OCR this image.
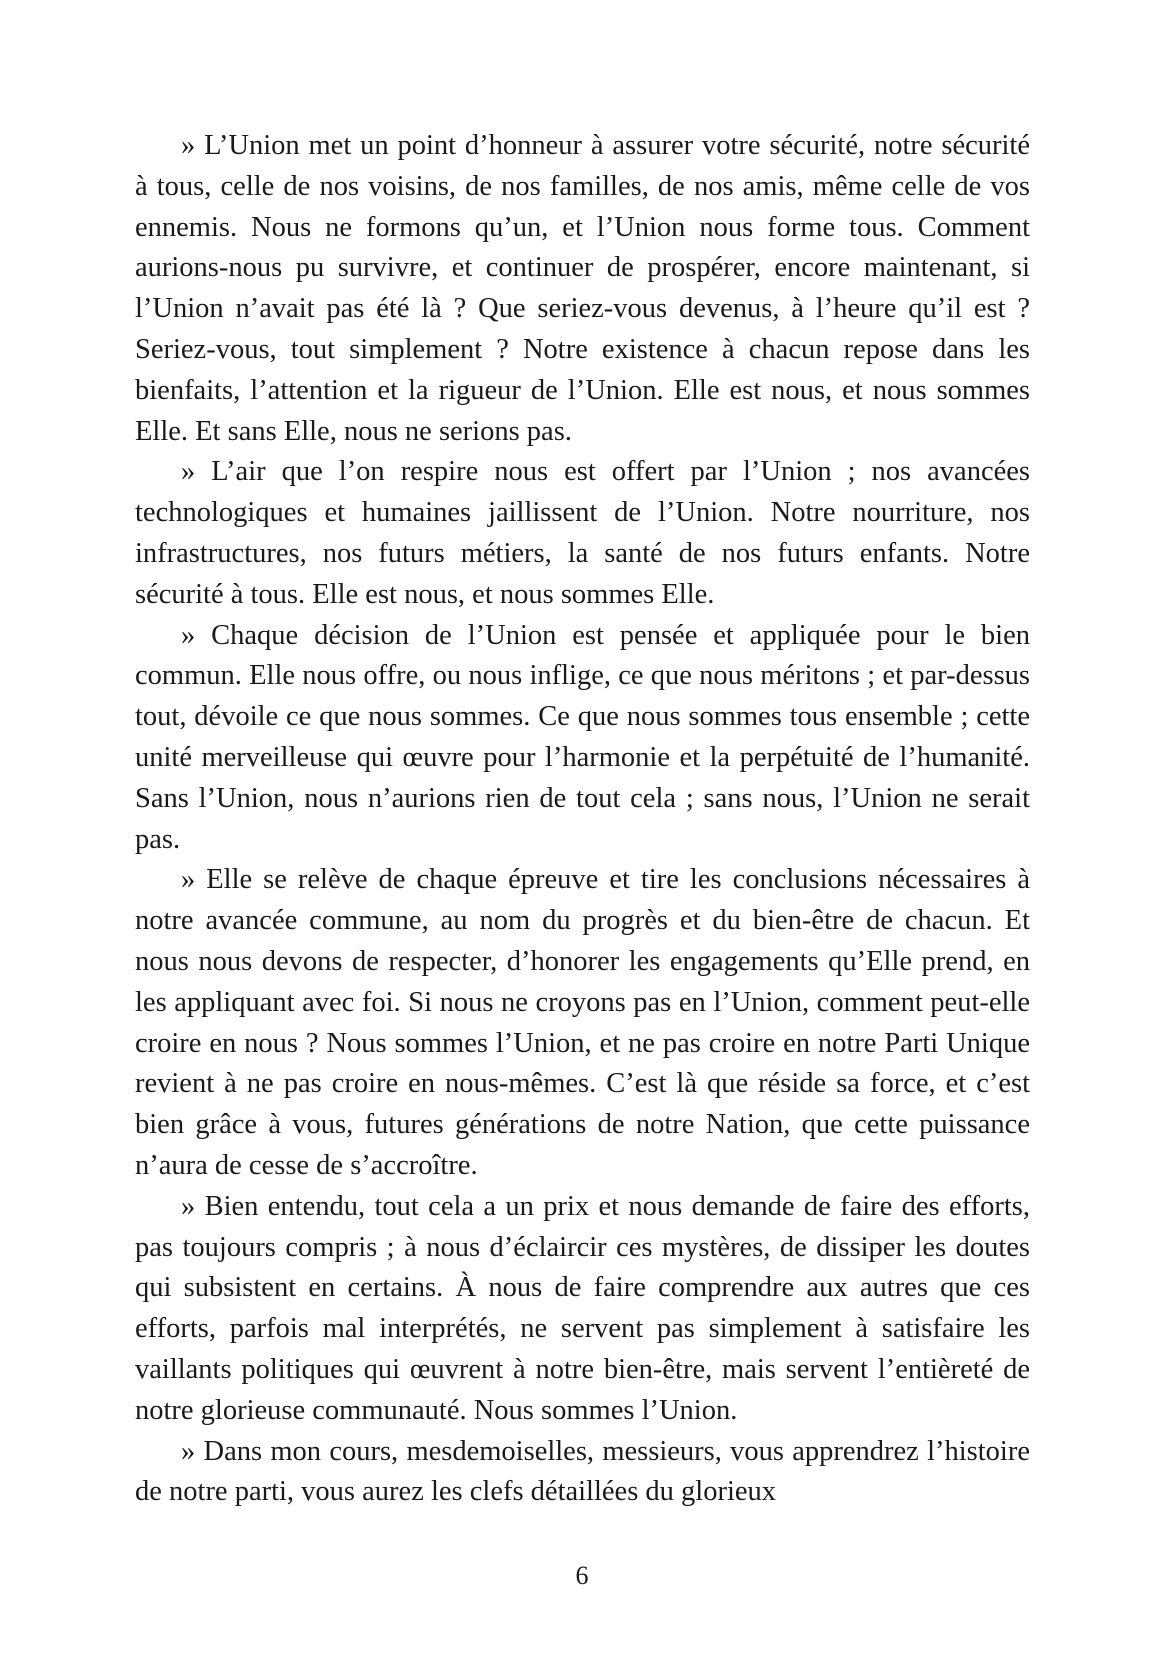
» L’Union met un point d’honneur à assurer votre sécurité, notre sécurité à tous, celle de nos voisins, de nos familles, de nos amis, même celle de vos ennemis. Nous ne formons qu’un, et l’Union nous forme tous. Comment aurions-nous pu survivre, et continuer de prospérer, encore maintenant, si l’Union n’avait pas été là ? Que seriez-vous devenus, à l’heure qu’il est ? Seriez-vous, tout simplement ? Notre existence à chacun repose dans les bienfaits, l’attention et la rigueur de l’Union. Elle est nous, et nous sommes Elle. Et sans Elle, nous ne serions pas.

» L’air que l’on respire nous est offert par l’Union ; nos avancées technologiques et humaines jaillissent de l’Union. Notre nourriture, nos infrastructures, nos futurs métiers, la santé de nos futurs enfants. Notre sécurité à tous. Elle est nous, et nous sommes Elle.

» Chaque décision de l’Union est pensée et appliquée pour le bien commun. Elle nous offre, ou nous inflige, ce que nous méritons ; et par-dessus tout, dévoile ce que nous sommes. Ce que nous sommes tous ensemble ; cette unité merveilleuse qui œuvre pour l’harmonie et la perpétuité de l’humanité. Sans l’Union, nous n’aurions rien de tout cela ; sans nous, l’Union ne serait pas.

» Elle se relève de chaque épreuve et tire les conclusions nécessaires à notre avancée commune, au nom du progrès et du bien-être de chacun. Et nous nous devons de respecter, d’honorer les engagements qu’Elle prend, en les appliquant avec foi. Si nous ne croyons pas en l’Union, comment peut-elle croire en nous ? Nous sommes l’Union, et ne pas croire en notre Parti Unique revient à ne pas croire en nous-mêmes. C’est là que réside sa force, et c’est bien grâce à vous, futures générations de notre Nation, que cette puissance n’aura de cesse de s’accroître.

» Bien entendu, tout cela a un prix et nous demande de faire des efforts, pas toujours compris ; à nous d’éclaircir ces mystères, de dissiper les doutes qui subsistent en certains. À nous de faire comprendre aux autres que ces efforts, parfois mal interprétés, ne servent pas simplement à satisfaire les vaillants politiques qui œuvrent à notre bien-être, mais servent l’entièreté de notre glorieuse communauté. Nous sommes l’Union.

» Dans mon cours, mesdemoiselles, messieurs, vous apprendrez l’histoire de notre parti, vous aurez les clefs détaillées du glorieux

6
